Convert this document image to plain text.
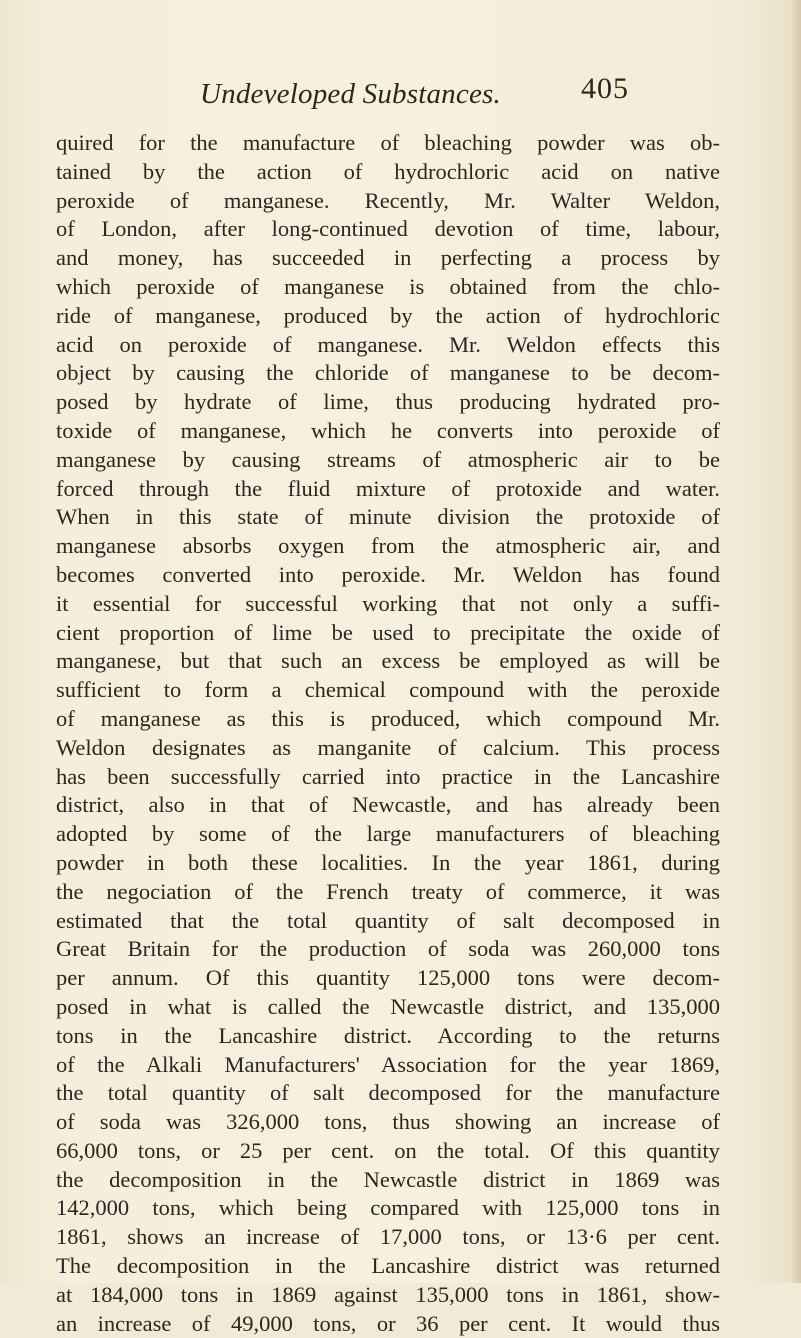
Undeveloped Substances.	405
quired for the manufacture of bleaching powder was ob-
tained by the action of hydrochloric acid on native
peroxide of manganese. Recently, Mr. Walter Weldon,
of London, after long-continued devotion of time, labour,
and money, has succeeded in perfecting a process by
which peroxide of manganese is obtained from the chlo-
ride of manganese, produced by the action of hydrochloric
acid on peroxide of manganese. Mr. Weldon effects this
object by causing the chloride of manganese to be decom-
posed by hydrate of lime, thus producing hydrated pro-
toxide of manganese, which he converts into peroxide of
manganese by causing streams of atmospheric air to be
forced through the fluid mixture of protoxide and water.
When in this state of minute division the protoxide of
manganese absorbs oxygen from the atmospheric air, and
becomes converted into peroxide. Mr. Weldon has found
it essential for successful working that not only a suffi-
cient proportion of lime be used to precipitate the oxide of
manganese, but that such an excess be employed as will be
sufficient to form a chemical compound with the peroxide
of manganese as this is produced, which compound Mr.
Weldon designates as manganite of calcium. This process
has been successfully carried into practice in the Lancashire
district, also in that of Newcastle, and has already been
adopted by some of the large manufacturers of bleaching
powder in both these localities. In the year 1861, during
the negociation of the French treaty of commerce, it was
estimated that the total quantity of salt decomposed in
Great Britain for the production of soda was 260,000 tons
per annum. Of this quantity 125,000 tons were decom-
posed in what is called the Newcastle district, and 135,000
tons in the Lancashire district. According to the returns
of the Alkali Manufacturers' Association for the year 1869,
the total quantity of salt decomposed for the manufacture
of soda was 326,000 tons, thus showing an increase of
66,000 tons, or 25 per cent. on the total. Of this quantity
the decomposition in the Newcastle district in 1869 was
142,000 tons, which being compared with 125,000 tons in
1861, shows an increase of 17,000 tons, or 13·6 per cent.
The decomposition in the Lancashire district was returned
at 184,000 tons in 1869 against 135,000 tons in 1861, show-
an increase of 49,000 tons, or 36 per cent. It would thus
